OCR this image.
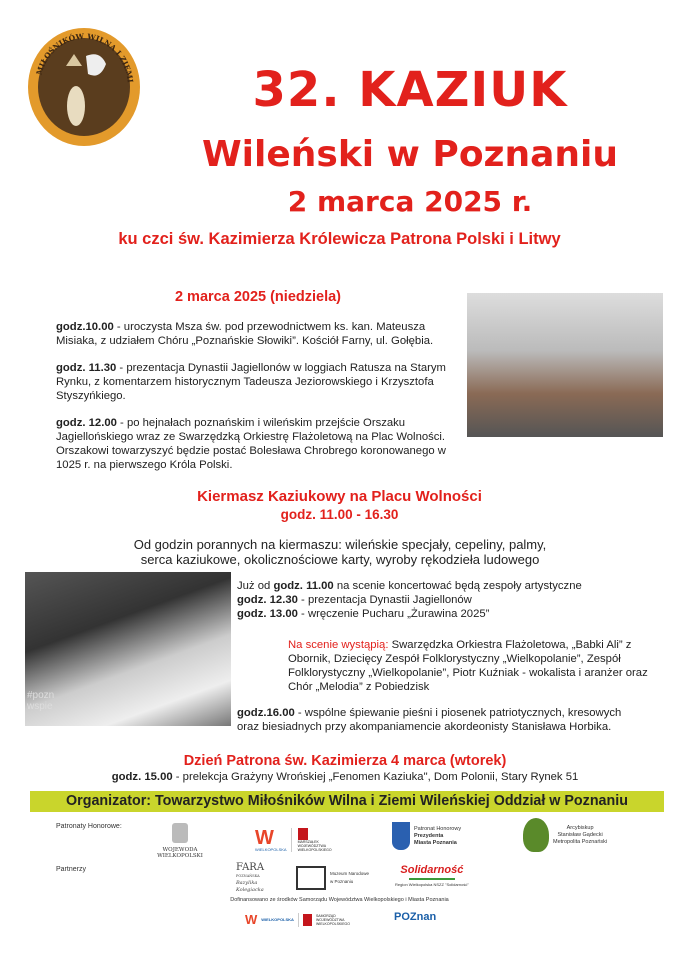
MIŁOŚNIKÓW WILNA I ZIEMI	32. KAZIUK
Wileński w Poznaniu
2 marca 2025 r.
ku czci św. Kazimierza Królewicza Patrona Polski i Litwy
2 marca 2025 (niedziela)

godz.10.00 - uroczysta Msza św. pod przewodnictwem ks. kan. Mateusza Misiaka, z udziałem Chóru „Poznańskie Słowiki”. Kościół Farny, ul. Gołębia.

godz. 11.30 - prezentacja Dynastii Jagiellonów w loggiach Ratusza na Starym Rynku, z komentarzem historycznym Tadeusza Jeziorowskiego i Krzysztofa Styszyńkiego.

godz. 12.00 - po hejnałach poznańskim i wileńskim przejście Orszaku Jagiellońskiego wraz ze Swarzędzką Orkiestrę Flażoletową na Plac Wolności. Orszakowi towarzyszyć będzie postać Bolesława Chrobrego koronowanego w 1025 r. na pierwszego Króla Polski.

Kiermasz Kaziukowy na Placu Wolności
godz. 11.00 - 16.30
Od godzin porannych na kiermaszu: wileńskie specjały, cepeliny, palmy, serca kaziukowe, okolicznościowe karty, wyroby rękodzieła ludowego
#pozn wspie
Już od godz. 11.00 na scenie koncertować będą zespoły artystyczne
godz. 12.30 - prezentacja Dynastii Jagiellonów
godz. 13.00 - wręczenie Pucharu „Żurawina 2025”
Na scenie wystąpią: Swarzędzka Orkiestra Flażoletowa, „Babki Ali” z Obornik, Dziecięcy Zespół Folklorystyczny „Wielkopolanie”, Zespół Folklorystyczny „Wielkopolanie”, Piotr Kuźniak - wokalista i aranżer oraz Chór „Melodia” z Pobiedzisk
godz.16.00 - wspólne śpiewanie pieśni i piosenek patriotycznych, kresowych oraz biesiadnych przy akompaniamencie akordeonisty Stanisława Horbika.
Dzień Patrona św. Kazimierza 4 marca (wtorek)
godz. 15.00 - prelekcja Grażyny Wrońskiej „Fenomen Kaziuka", Dom Polonii, Stary Rynek 51
Organizator: Towarzystwo Miłośników Wilna i Ziemi Wileńskiej Oddział w Poznaniu
Patronaty Honorowe:
WOJEWODA WIELKOPOLSKI
W
WIELKOPOLSKA
MARSZAŁEK WOJEWÓDZTWA WIELKOPOLSKIEGO
Patronat Honorowy
Prezydenta
Miasta Poznania
Arcybiskup
Stanisław Gądecki
Metropolita Poznański
Partnerzy	FARA
POZNAŃSKA
Bazylika Kolegiacka
Muzeum Narodowe
w Poznaniu
Solidarność
Region Wielkopolska NSZZ "Solidarność"
Dofinansowano ze środków Samorządu Województwa Wielkopolskiego i Miasta Poznania
W WIELKOPOLSKA
SAMORZĄD WOJEWÓDZTWA WIELKOPOLSKIEGO
POZnan
